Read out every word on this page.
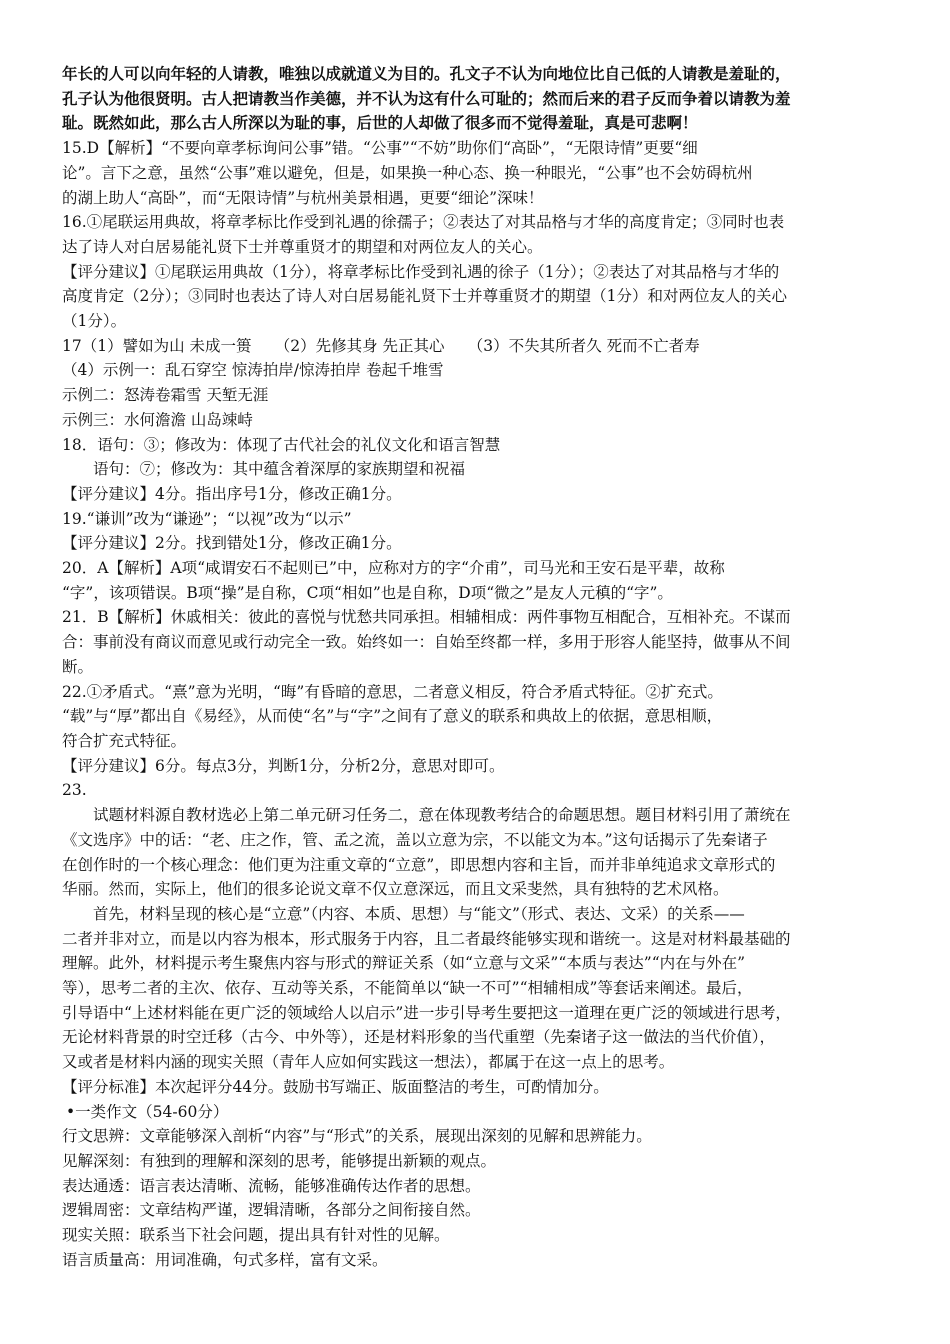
年长的人可以向年轻的人请教，唯独以成就道义为目的。孔文子不认为向地位比自己低的人请教是羞耻的，
孔子认为他很贤明。古人把请教当作美德，并不认为这有什么可耻的；然而后来的君子反而争着以请教为羞
耻。既然如此，那么古人所深以为耻的事，后世的人却做了很多而不觉得羞耻，真是可悲啊！
15.D【解析】“不要向章孝标询问公事”错。“公事”“不妨”助你们“高卧”，“无限诗情”更要“细
论”。言下之意，虽然“公事”难以避免，但是，如果换一种心态、换一种眼光，“公事”也不会妨碍杭州
的湖上助人“高卧”，而“无限诗情”与杭州美景相遇，更要“细论”深味！
16.①尾联运用典故，将章孝标比作受到礼遇的徐孺子；②表达了对其品格与才华的高度肯定；③同时也表
达了诗人对白居易能礼贤下士并尊重贤才的期望和对两位友人的关心。
【评分建议】①尾联运用典故（1分），将章孝标比作受到礼遇的徐子（1分）；②表达了对其品格与才华的
高度肯定（2分）；③同时也表达了诗人对白居易能礼贤下士并尊重贤才的期望（1分）和对两位友人的关心
（1分）。
17（1）譬如为山 未成一篑　　（2）先修其身 先正其心　　（3）不失其所者久 死而不亡者寿
（4）示例一：乱石穿空 惊涛拍岸/惊涛拍岸 卷起千堆雪
示例二：怒涛卷霜雪 天堑无涯
示例三：水何澹澹 山岛竦峙
18．语句：③；修改为：体现了古代社会的礼仪文化和语言智慧
语句：⑦；修改为：其中蕴含着深厚的家族期望和祝福
【评分建议】4分。指出序号1分，修改正确1分。
19.“谦训”改为“谦逊”；“以视”改为“以示”
【评分建议】2分。找到错处1分，修改正确1分。
20．A【解析】A项“咸谓安石不起则已”中，应称对方的字“介甫”，司马光和王安石是平辈，故称
“字”，该项错误。B项“操”是自称，C项“相如”也是自称，D项“微之”是友人元稹的“字”。
21．B【解析】休戚相关：彼此的喜悦与忧愁共同承担。相辅相成：两件事物互相配合，互相补充。不谋而
合：事前没有商议而意见或行动完全一致。始终如一：自始至终都一样，多用于形容人能坚持，做事从不间
断。
22.①矛盾式。“熹”意为光明，“晦”有昏暗的意思，二者意义相反，符合矛盾式特征。②扩充式。
“载”与“厚”都出自《易经》，从而使“名”与“字”之间有了意义的联系和典故上的依据，意思相顺，
符合扩充式特征。
【评分建议】6分。每点3分，判断1分，分析2分，意思对即可。
23.
试题材料源自教材选必上第二单元研习任务二，意在体现教考结合的命题思想。题目材料引用了萧统在
《文选序》中的话：“老、庄之作，管、孟之流，盖以立意为宗，不以能文为本。”这句话揭示了先秦诸子
在创作时的一个核心理念：他们更为注重文章的“立意”，即思想内容和主旨，而并非单纯追求文章形式的
华丽。然而，实际上，他们的很多论说文章不仅立意深远，而且文采斐然，具有独特的艺术风格。
首先，材料呈现的核心是“立意”（内容、本质、思想）与“能文”（形式、表达、文采）的关系——
二者并非对立，而是以内容为根本，形式服务于内容，且二者最终能够实现和谐统一。这是对材料最基础的
理解。此外，材料提示考生聚焦内容与形式的辩证关系（如“立意与文采”“本质与表达”“内在与外在”
等），思考二者的主次、依存、互动等关系，不能简单以“缺一不可”“相辅相成”等套话来阐述。最后，
引导语中“上述材料能在更广泛的领域给人以启示”进一步引导考生要把这一道理在更广泛的领域进行思考，
无论材料背景的时空迁移（古今、中外等），还是材料形象的当代重塑（先秦诸子这一做法的当代价值），
又或者是材料内涵的现实关照（青年人应如何实践这一想法），都属于在这一点上的思考。
【评分标准】本次起评分44分。鼓励书写端正、版面整洁的考生，可酌情加分。
•一类作文（54-60分）
行文思辨：文章能够深入剖析“内容”与“形式”的关系，展现出深刻的见解和思辨能力。
见解深刻：有独到的理解和深刻的思考，能够提出新颖的观点。
表达通透：语言表达清晰、流畅，能够准确传达作者的思想。
逻辑周密：文章结构严谨，逻辑清晰，各部分之间衔接自然。
现实关照：联系当下社会问题，提出具有针对性的见解。
语言质量高：用词准确，句式多样，富有文采。
